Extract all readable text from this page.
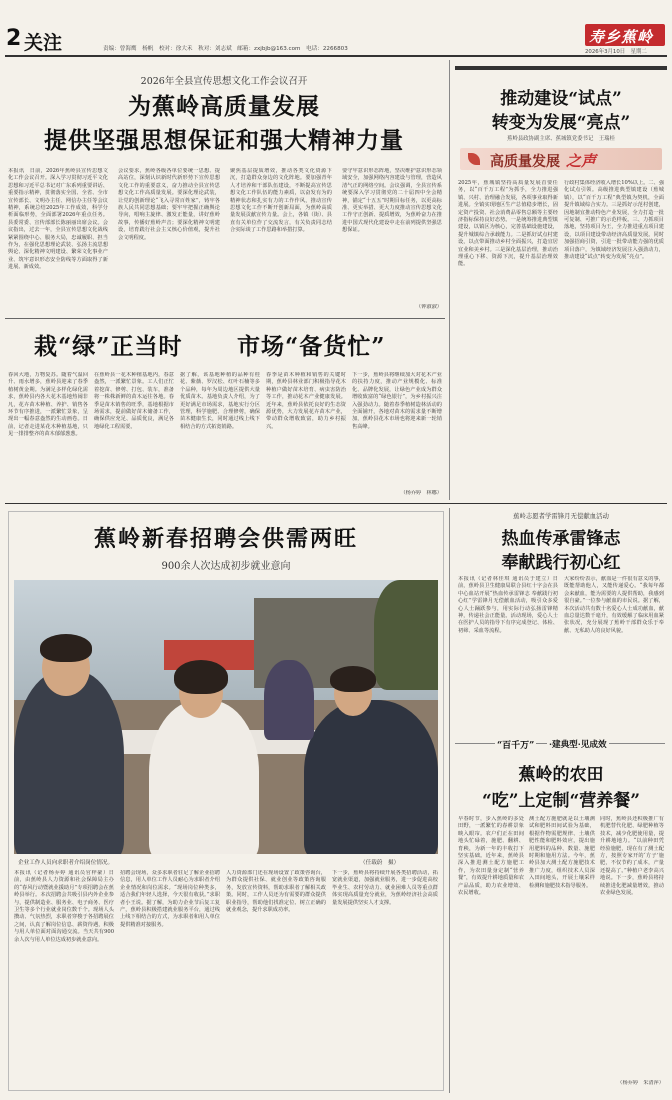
2 关注	责编：曾海鹰　杨帆　校对：徐大禾　秋对：刘志斌　邮箱：zxjbjb@163.com　电话：2266803
寿乡蕉岭
2026年3月10日　星期二
2026年全县宣传思想文化工作会议召开
为蕉岭高质量发展
提供坚强思想保证和强大精神力量
本报讯　日前，2026年蕉岭县宣传思想文化工作会议召开。深入学习贯彻习近平文化思想和习近平总书记对广东系列重要讲话、重要指示精神，贯彻落实全国、全省、全市宣传部长、文明办主任、网信办主任等会议精神，系统总结2025年工作成效，科学分析面临形势，全面部署2026年重点任务。县委常委、宣传部部长陈丽丽出席会议。会议指出，过去一年，全县宣传思想文化战线紧紧围绕中心、服务大局，忠诚履职、担当作为，在强化思想理论武装、弘扬主流思想舆论、深化精神文明建设、繁荣文化事业产业、筑牢意识形态安全防线等方面取得了新进展、新成效。
会议要求，蕉岭各级各单位要统一思想、提高站位，深刻认识新时代新形势下宣传思想文化工作的重要意义，奋力推动全县宣传思想文化工作高质量发展。要深化理论武装，让党的创新理论“飞入寻常百姓家”，铸牢各族人民共同思想基础；要牢牢把握正确舆论导向，唱响主旋律、激发正能量，讲好蕉岭故事，传播好蕉岭声音；要深化精神文明建设，培育践行社会主义核心价值观，提升社会文明程度。
聚焦基层提质增效，推动各类文化资源下沉，打造群众身边的文化阵地。要加强青年人才培养和干部队伍建设，不断提高宣传思想文化工作队伍的能力素质，以奋发有为的精神状态和扎实有力的工作作风，推动宣传思想文化工作不断开创新局面，为蕉岭高质量发展贡献宣传力量。会上，各镇（街）、县直有关单位作了交流发言，有关负责同志结合实际谈了工作思路和举措打算。
要守牢意识形态阵地，坚决维护意识形态领域安全，加强网络内容建设与管理，营造风清气正的网络空间。会议强调，全县宣传系统要深入学习贯彻党的二十届四中全会精神，锚定“十五五”时期目标任务，以更高标准、更实举措、更大力度推动宣传思想文化工作守正创新、提质增效，为蕉岭奋力在推进中国式现代化建设中走在前列提供坚强思想保证。
（钟淑淑）
栽“绿”正当时 市场“备货忙”
春回大地，万物复苏。随着气温回升、雨水增多，蕉岭县迎来了春季植树黄金期。为满足多样化绿化需求，蕉岭县内各大花木基地热闹非凡，花卉苗木种植、养护、销售各环节有序推进，一派繁忙景象，呈现出一幅春意盎然的生动画卷。日前，记者走进某花木种植基地，只见一排排整齐的苗木郁郁葱葱。
在蕉岭县一花木种植基地内，春意盎然，一派繁忙景象。工人们正忙着挖苗、修剪、打包、装车，准备将一株株新鲜的苗木运往各地。春季是苗木销售的旺季，基地根据市场需求，提前做好苗木储备工作，确保供应充足、品质优良，满足各地绿化工程需要。
据了解，该基地种植的品种有桂花、紫薇、罗汉松、红叶石楠等多个品种，每年为周边地区提供大量优质苗木。基地负责人介绍，为了更好满足市场需求，基地实行分区管理，科学施肥、合理修剪，确保苗木健康生长，同时通过线上线下相结合的方式拓宽销路。
春季是苗木种植和销售的关键时期，蕉岭县林业部门积极指导花木种植户做好苗木培育、病虫害防治等工作，推动花木产业健康发展。近年来，蕉岭县依托良好的生态资源优势，大力发展花卉苗木产业，带动群众增收致富，助力乡村振兴。
下一步，蕉岭县将继续加大对花木产业的扶持力度，推动产业规模化、标准化、品牌化发展，让绿色产业成为群众增收致富的“绿色银行”，为乡村振兴注入强劲动力。随着春季植树造林活动的全面铺开，各地对苗木的需求量不断增加，蕉岭县花木市场也将迎来新一轮销售高峰。
（杨乔婷　林娜）
推动建设“试点”
转变为发展“亮点”
蕉岭县政协副主席、蕉城镇党委书记　王瑞桂
高质量发展 之声
2025年，蕉城镇坚持高质量发展首要任务，以“百千万工程”为抓手，全力推进强镇、兴村、治理融合发展，各项事业取得新进展。全镇实现地区生产总值稳步增长，固定资产投资、社会消费品零售总额等主要经济指标保持良好态势。一是统筹推进典型镇建设，以镇区为核心，完善基础设施建设，提升城镇综合承载能力。二是抓好试点村建设，以点带面推动乡村全面振兴，打造宜居宜业和美乡村。三是深化基层治理，推动治理重心下移、资源下沉，提升基层治理效能。
行政村集体经济收入增长10%以上。二、强化试点引领。高级推进典型镇建设（蕉城镇），以“百千万工程”典型镇为契机，全面提升镇域综合实力。三是抓好示范村创建，因地制宜推动特色产业发展，全力打造一批可复制、可推广的示范样板。三、力抓项目落地，坚持项目为王，全力推进重点项目建设，以项目建设带动经济高质量发展。同时加强招商引资，引进一批带动能力强的优质项目落户，为镇域经济发展注入强劲动力，推动建设“试点”转变为发展“亮点”。
蕉岭新春招聘会供需两旺
900余人次达成初步就业意向
企业工作人员向求职者介绍岗位情况。	（任载蔚　摄）
本报讯（记者杨乔婷 通讯员官梓豪）日前，由蕉岭县人力资源和社会保障局主办的“春风行动暨就业援助月”专项招聘会在蕉岭县举行。本次招聘会共吸引县内外企业参与，提供制造业、服务业、电子商务、医疗卫生等多个行业就业岗位数千个。现场人头攒动、气氛热烈，求职者穿梭于各招聘展位之间，认真了解岗位信息、薪资待遇，积极与用人单位面对面沟通交流。当天共有900余人次与用人单位达成初步就业意向。
招聘会现场，众多求职者驻足了解企业招聘信息，用人单位工作人员耐心为求职者介绍企业情况和岗位需求。“现场岗位种类多，适合我们年轻人选择，今天很有收获。”求职者小王说。据了解，为助力企业节后复工复产，蕉岭县积极搭建就业服务平台，通过线上线下相结合的方式，为求职者和用人单位提供精准对接服务。
人力资源部门还在现场设置了政策咨询台，为群众提供社保、就业创业等政策咨询服务，发放宣传资料，帮助求职者了解相关政策。同时，工作人员还为有需要的群众提供职业指导，帮助他们找准定位、树立正确的就业观念，提升求职成功率。
下一步，蕉岭县将持续开展各类招聘活动，拓宽就业渠道，加强就业服务，进一步促进高校毕业生、农村劳动力、就业困难人员等重点群体实现高质量充分就业，为蕉岭经济社会高质量发展提供坚实人才支撑。
蕉岭志愿者学雷锋月无偿献血活动
热血传承雷锋志
奉献践行初心红
本报讯（记者林佳琪 通讯员于建立）日前，蕉岭县卫生健康局联合县红十字会在县中心血站开展“热血传承雷锋志 奉献践行初心红”学雷锋月无偿献血活动，吸引众多爱心人士踊跃参与，用实际行动弘扬雷锋精神，传递社会正能量。活动现场，爱心人士在医护人员的指导下有序完成登记、体检、初筛、采血等流程。
大家纷纷表示，献血是一件很有意义的事，既能帮助他人，又能传递爱心。“我每年都会来献血，能为需要的人提供帮助，我感到很自豪。”一位参与献血的市民说。据了解，本次活动共有数十名爱心人士成功献血，献血总量达数千毫升，有效缓解了临床用血紧张状况，充分展现了蕉岭干部群众乐于奉献、无私助人的良好风貌。
“百千万” ·建典型·见成效
蕉岭的农田
“吃”上定制“营养餐”
早春时节，步入蕉岭的多处田野，一派繁忙的春耕景象映入眼帘。农户们正在田间地头忙碌着，施肥、翻耕、育秧，为新一年的丰收打下坚实基础。近年来，蕉岭县深入推进测土配方施肥工作，为农田量身定制“营养餐”，有效提升耕地质量和农产品品质，助力农业增效、农民增收。
测土配方施肥就是以土壤测试和肥料田间试验为基础，根据作物需肥规律、土壤供肥性能和肥料效应，提出施用肥料的品种、数量、施肥时期和施用方法。今年，蕉岭县加大测土配方施肥技术推广力度，组织技术人员深入田间地头，开展土壤采样检测和施肥技术指导服务。
同时，蕉岭县还积极推广有机肥替代化肥、绿肥种植等技术，减少化肥使用量，提升耕地地力。“以前种田凭经验施肥，现在有了测土配方，按照专家开的‘方子’施肥，不仅节约了成本，产量还提高了。”种植户老李高兴地说。下一步，蕉岭县将持续推进化肥减量增效，推动农业绿色发展。
（杨乔婷　朱清萍）
